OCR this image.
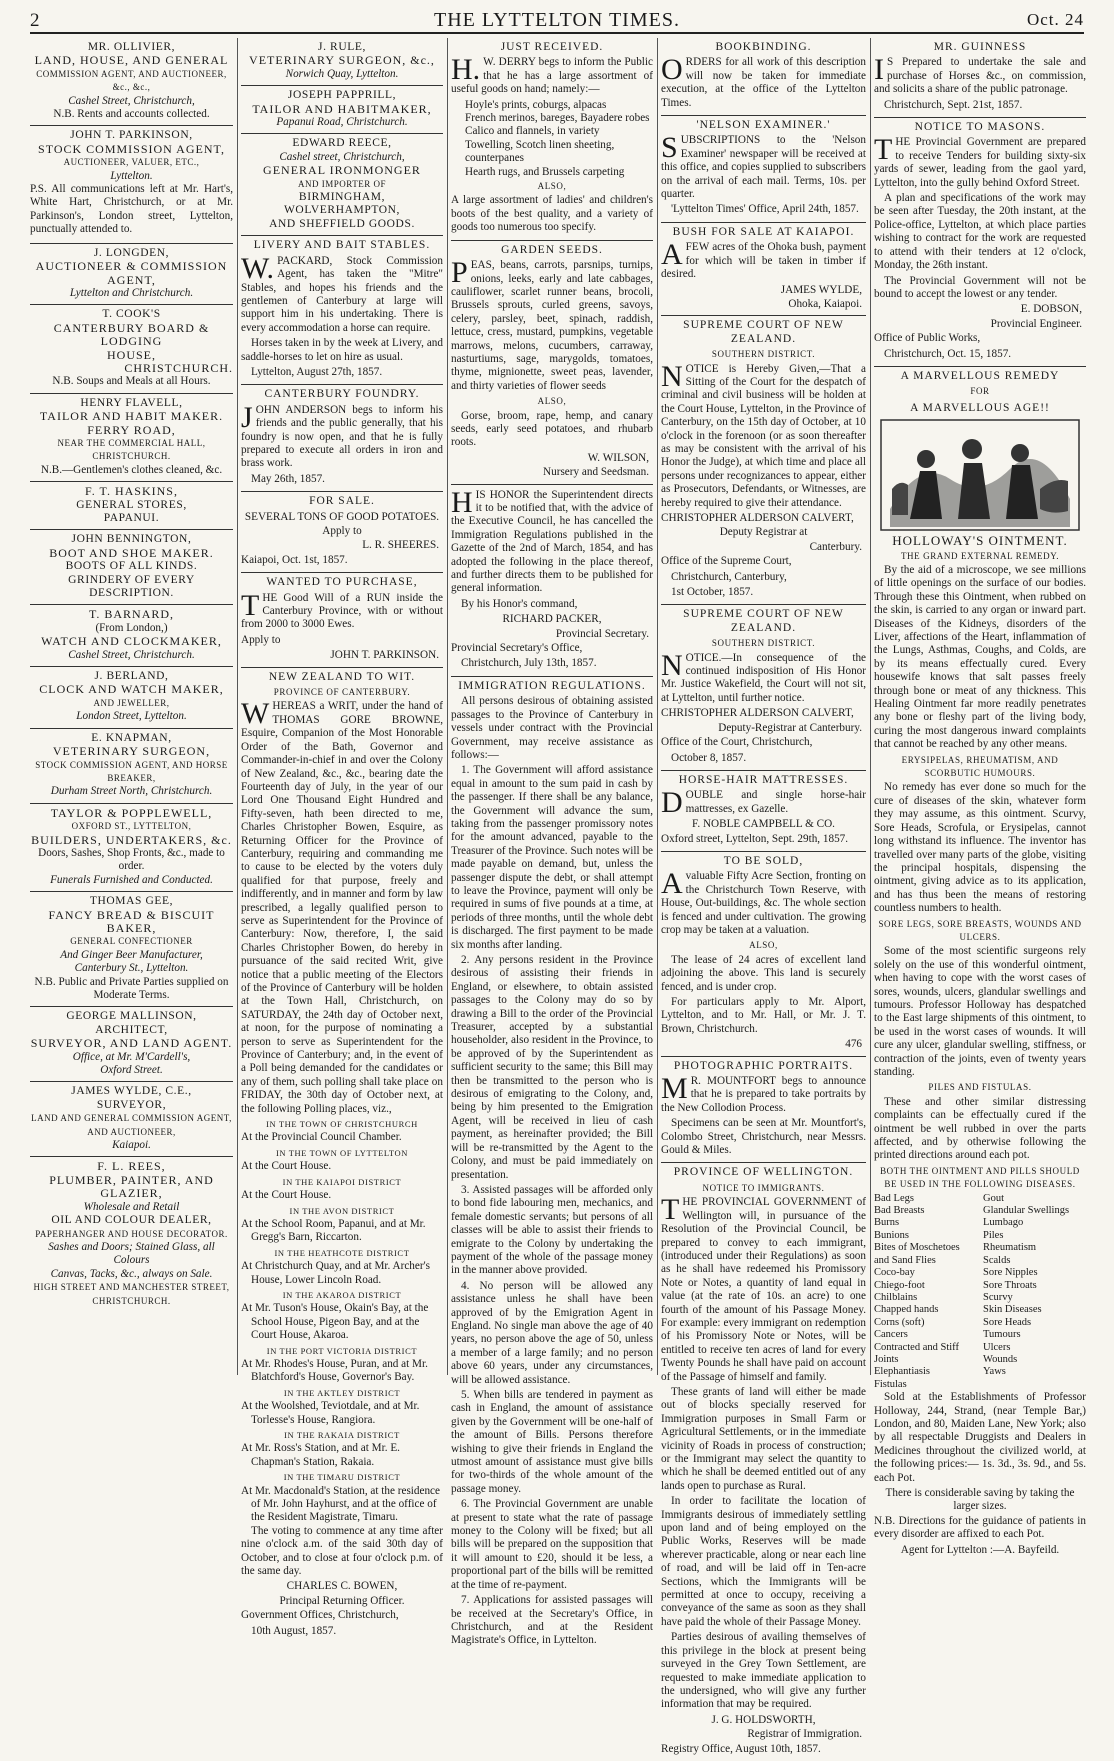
2	THE LYTTELTON TIMES.	Oct. 24
MR. OLLIVIER,
LAND, HOUSE, AND GENERAL
COMMISSION AGENT, AND AUCTIONEER, &c., &c.,
Cashel Street, Christchurch,
N.B. Rents and accounts collected.
JOHN T. PARKINSON,
STOCK COMMISSION AGENT,
AUCTIONEER, VALUER, ETC.,
Lyttelton.
P.S. All communications left at Mr. Hart's, White Hart, Christchurch, or at Mr. Parkinson's, London street, Lyttelton, punctually attended to.
J. LONGDEN,
AUCTIONEER & COMMISSION AGENT,
Lyttelton and Christchurch.
T. COOK'S
CANTERBURY BOARD & LODGING
HOUSE,
CHRISTCHURCH.
N.B. Soups and Meals at all Hours.
HENRY FLAVELL,
TAILOR AND HABIT MAKER.
FERRY ROAD,
NEAR THE COMMERCIAL HALL,
CHRISTCHURCH.
N.B.—Gentlemen's clothes cleaned, &c.
F. T. HASKINS,
GENERAL STORES,
PAPANUI.
JOHN BENNINGTON,
BOOT AND SHOE MAKER.
BOOTS OF ALL KINDS.
GRINDERY OF EVERY DESCRIPTION.
T. BARNARD,
(From London,)
WATCH AND CLOCKMAKER,
Cashel Street, Christchurch.
J. BERLAND,
CLOCK AND WATCH MAKER,
AND JEWELLER,
London Street, Lyttelton.
E. KNAPMAN,
VETERINARY SURGEON,
STOCK COMMISSION AGENT, AND HORSE
BREAKER,
Durham Street North, Christchurch.
TAYLOR & POPPLEWELL,
OXFORD ST., LYTTELTON,
BUILDERS, UNDERTAKERS, &c.
Doors, Sashes, Shop Fronts, &c., made to order.
Funerals Furnished and Conducted.
THOMAS GEE,
FANCY BREAD & BISCUIT BAKER,
GENERAL CONFECTIONER
And Ginger Beer Manufacturer,
Canterbury St., Lyttelton.
N.B. Public and Private Parties supplied on Moderate Terms.
GEORGE MALLINSON,
ARCHITECT,
SURVEYOR, AND LAND AGENT.
Office, at Mr. M'Cardell's,
Oxford Street.
JAMES WYLDE, C.E.,
SURVEYOR,
LAND AND GENERAL COMMISSION AGENT,
AND AUCTIONEER,
Kaiapoi.
F. L. REES,
PLUMBER, PAINTER, AND GLAZIER,
Wholesale and Retail
OIL AND COLOUR DEALER,
PAPERHANGER AND HOUSE DECORATOR.
Sashes and Doors; Stained Glass, all Colours
Canvas, Tacks, &c., always on Sale.
HIGH STREET AND MANCHESTER STREET,
CHRISTCHURCH.
J. RULE,
VETERINARY SURGEON, &c.,
Norwich Quay, Lyttelton.
JOSEPH PAPPRILL,
TAILOR AND HABITMAKER,
Papanui Road, Christchurch.
EDWARD REECE,
Cashel street, Christchurch,
GENERAL IRONMONGER
AND IMPORTER OF
BIRMINGHAM, WOLVERHAMPTON,
AND SHEFFIELD GOODS.
LIVERY AND BAIT STABLES.
W. PACKARD, Stock Commission Agent, has taken the "Mitre" Stables, and hopes his friends and the gentlemen of Canterbury at large will support him in his undertaking. There is every accommodation a horse can require.
Horses taken in by the week at Livery, and saddle-horses to let on hire as usual.
Lyttelton, August 27th, 1857.
CANTERBURY FOUNDRY.
JOHN ANDERSON begs to inform his friends and the public generally, that his foundry is now open, and that he is fully prepared to execute all orders in iron and brass work.
May 26th, 1857.
FOR SALE.
SEVERAL TONS OF GOOD POTATOES.
Apply to
L. R. SHEERES.
Kaiapoi, Oct. 1st, 1857.
WANTED TO PURCHASE,
THE Good Will of a RUN inside the Canterbury Province, with or without from 2000 to 3000 Ewes.
Apply to
JOHN T. PARKINSON.
NEW ZEALAND TO WIT.
PROVINCE OF CANTERBURY.
WHEREAS a WRIT, under the hand of THOMAS GORE BROWNE, Esquire, Companion of the Most Honorable Order of the Bath, Governor and Commander-in-chief in and over the Colony of New Zealand, &c., &c., bearing date the Fourteenth day of July, in the year of our Lord One Thousand Eight Hundred and Fifty-seven, hath been directed to me, Charles Christopher Bowen, Esquire, as Returning Officer for the Province of Canterbury, requiring and commanding me to cause to be elected by the voters duly qualified for that purpose, freely and indifferently, and in manner and form by law prescribed, a legally qualified person to serve as Superintendent for the Province of Canterbury: Now, therefore, I, the said Charles Christopher Bowen, do hereby in pursuance of the said recited Writ, give notice that a public meeting of the Electors of the Province of Canterbury will be holden at the Town Hall, Christchurch, on SATURDAY, the 24th day of October next, at noon, for the purpose of nominating a person to serve as Superintendent for the Province of Canterbury; and, in the event of a Poll being demanded for the candidates or any of them, such polling shall take place on FRIDAY, the 30th day of October next, at the following Polling places, viz.,
IN THE TOWN OF CHRISTCHURCH
At the Provincial Council Chamber.
IN THE TOWN OF LYTTELTON
At the Court House.
IN THE KAIAPOI DISTRICT
At the Court House.
IN THE AVON DISTRICT
At the School Room, Papanui, and at Mr. Gregg's Barn, Riccarton.
IN THE HEATHCOTE DISTRICT
At Christchurch Quay, and at Mr. Archer's House, Lower Lincoln Road.
IN THE AKAROA DISTRICT
At Mr. Tuson's House, Okain's Bay, at the School House, Pigeon Bay, and at the Court House, Akaroa.
IN THE PORT VICTORIA DISTRICT
At Mr. Rhodes's House, Puran, and at Mr. Blatchford's House, Governor's Bay.
IN THE AKTLEY DISTRICT
At the Woolshed, Teviotdale, and at Mr. Torlesse's House, Rangiora.
IN THE RAKAIA DISTRICT
At Mr. Ross's Station, and at Mr. E. Chapman's Station, Rakaia.
IN THE TIMARU DISTRICT
At Mr. Macdonald's Station, at the residence of Mr. John Hayhurst, and at the office of the Resident Magistrate, Timaru.
The voting to commence at any time after nine o'clock a.m. of the said 30th day of October, and to close at four o'clock p.m. of the same day.
CHARLES C. BOWEN,
Principal Returning Officer.
Government Offices, Christchurch,
10th August, 1857.
JUST RECEIVED.
H. W. DERRY begs to inform the Public that he has a large assortment of useful goods on hand; namely:—
Hoyle's prints, coburgs, alpacas
French merinos, bareges, Bayadere robes
Calico and flannels, in variety
Towelling, Scotch linen sheeting, counterpanes
Hearth rugs, and Brussels carpeting
ALSO,
A large assortment of ladies' and children's boots of the best quality, and a variety of goods too numerous too specify.
GARDEN SEEDS.
PEAS, beans, carrots, parsnips, turnips, onions, leeks, early and late cabbages, cauliflower, scarlet runner beans, brocoli, Brussels sprouts, curled greens, savoys, celery, parsley, beet, spinach, raddish, lettuce, cress, mustard, pumpkins, vegetable marrows, melons, cucumbers, carraway, nasturtiums, sage, marygolds, tomatoes, thyme, mignionette, sweet peas, lavender, and thirty varieties of flower seeds
ALSO,
Gorse, broom, rape, hemp, and canary seeds, early seed potatoes, and rhubarb roots.
W. WILSON,
Nursery and Seedsman.
HIS HONOR the Superintendent directs it to be notified that, with the advice of the Executive Council, he has cancelled the Immigration Regulations published in the Gazette of the 2nd of March, 1854, and has adopted the following in the place thereof, and further directs them to be published for general information.
By his Honor's command,
RICHARD PACKER,
Provincial Secretary.
Provincial Secretary's Office,
Christchurch, July 13th, 1857.
IMMIGRATION REGULATIONS.
All persons desirous of obtaining assisted passages to the Province of Canterbury in vessels under contract with the Provincial Government, may receive assistance as follows:—
1. The Government will afford assistance equal in amount to the sum paid in cash by the passenger. If there shall be any balance, the Government will advance the sum, taking from the passenger promissory notes for the amount advanced, payable to the Treasurer of the Province. Such notes will be made payable on demand, but, unless the passenger dispute the debt, or shall attempt to leave the Province, payment will only be required in sums of five pounds at a time, at periods of three months, until the whole debt is discharged. The first payment to be made six months after landing.
2. Any persons resident in the Province desirous of assisting their friends in England, or elsewhere, to obtain assisted passages to the Colony may do so by drawing a Bill to the order of the Provincial Treasurer, accepted by a substantial householder, also resident in the Province, to be approved of by the Superintendent as sufficient security to the same; this Bill may then be transmitted to the person who is desirous of emigrating to the Colony, and, being by him presented to the Emigration Agent, will be received in lieu of cash payment, as hereinafter provided; the Bill will be re-transmitted by the Agent to the Colony, and must be paid immediately on presentation.
3. Assisted passages will be afforded only to bond fide labouring men, mechanics, and female domestic servants; but persons of all classes will be able to assist their friends to emigrate to the Colony by undertaking the payment of the whole of the passage money in the manner above provided.
4. No person will be allowed any assistance unless he shall have been approved of by the Emigration Agent in England. No single man above the age of 40 years, no person above the age of 50, unless a member of a large family; and no person above 60 years, under any circumstances, will be allowed assistance.
5. When bills are tendered in payment as cash in England, the amount of assistance given by the Government will be one-half of the amount of Bills. Persons therefore wishing to give their friends in England the utmost amount of assistance must give bills for two-thirds of the whole amount of the passage money.
6. The Provincial Government are unable at present to state what the rate of passage money to the Colony will be fixed; but all bills will be prepared on the supposition that it will amount to £20, should it be less, a proportional part of the bills will be remitted at the time of re-payment.
7. Applications for assisted passages will be received at the Secretary's Office, in Christchurch, and at the Resident Magistrate's Office, in Lyttelton.
BOOKBINDING.
ORDERS for all work of this description will now be taken for immediate execution, at the office of the Lyttelton Times.
'NELSON EXAMINER.'
SUBSCRIPTIONS to the 'Nelson Examiner' newspaper will be received at this office, and copies supplied to subscribers on the arrival of each mail. Terms, 10s. per quarter.
'Lyttelton Times' Office, April 24th, 1857.
BUSH FOR SALE AT KAIAPOI.
AFEW acres of the Ohoka bush, payment for which will be taken in timber if desired.
JAMES WYLDE,
Ohoka, Kaiapoi.
SUPREME COURT OF NEW ZEALAND.
SOUTHERN DISTRICT.
NOTICE is Hereby Given,—That a Sitting of the Court for the despatch of criminal and civil business will be holden at the Court House, Lyttelton, in the Province of Canterbury, on the 15th day of October, at 10 o'clock in the forenoon (or as soon thereafter as may be consistent with the arrival of his Honor the Judge), at which time and place all persons under recognizances to appear, either as Prosecutors, Defendants, or Witnesses, are hereby required to give their attendance.
CHRISTOPHER ALDERSON CALVERT,
Deputy Registrar at
Canterbury.
Office of the Supreme Court,
Christchurch, Canterbury,
1st October, 1857.
SUPREME COURT OF NEW ZEALAND.
SOUTHERN DISTRICT.
NOTICE.—In consequence of the continued indisposition of His Honor Mr. Justice Wakefield, the Court will not sit, at Lyttelton, until further notice.
CHRISTOPHER ALDERSON CALVERT,
Deputy-Registrar at Canterbury.
Office of the Court, Christchurch,
October 8, 1857.
HORSE-HAIR MATTRESSES.
DOUBLE and single horse-hair mattresses, ex Gazelle.
F. NOBLE CAMPBELL & CO.
Oxford street, Lyttelton, Sept. 29th, 1857.
TO BE SOLD,
Avaluable Fifty Acre Section, fronting on the Christchurch Town Reserve, with House, Out-buildings, &c. The whole section is fenced and under cultivation. The growing crop may be taken at a valuation.
ALSO,
The lease of 24 acres of excellent land adjoining the above. This land is securely fenced, and is under crop.
For particulars apply to Mr. Alport, Lyttelton, and to Mr. Hall, or Mr. J. T. Brown, Christchurch.
476
PHOTOGRAPHIC PORTRAITS.
M R. MOUNTFORT begs to announce that he is prepared to take portraits by the New Collodion Process.
Specimens can be seen at Mr. Mountfort's, Colombo Street, Christchurch, near Messrs. Gould & Miles.
PROVINCE OF WELLINGTON.
NOTICE TO IMMIGRANTS.
THE PROVINCIAL GOVERNMENT of Wellington will, in pursuance of the Resolution of the Provincial Council, be prepared to convey to each immigrant, (introduced under their Regulations) as soon as he shall have redeemed his Promissory Note or Notes, a quantity of land equal in value (at the rate of 10s. an acre) to one fourth of the amount of his Passage Money. For example: every immigrant on redemption of his Promissory Note or Notes, will be entitled to receive ten acres of land for every Twenty Pounds he shall have paid on account of the Passage of himself and family.
These grants of land will either be made out of blocks specially reserved for Immigration purposes in Small Farm or Agricultural Settlements, or in the immediate vicinity of Roads in process of construction; or the Immigrant may select the quantity to which he shall be deemed entitled out of any lands open to purchase as Rural.
In order to facilitate the location of Immigrants desirous of immediately settling upon land and of being employed on the Public Works, Reserves will be made wherever practicable, along or near each line of road, and will be laid off in Ten-acre Sections, which the Immigrants will be permitted at once to occupy, receiving a conveyance of the same as soon as they shall have paid the whole of their Passage Money.
Parties desirous of availing themselves of this privilege in the block at present being surveyed in the Grey Town Settlement, are requested to make immediate application to the undersigned, who will give any further information that may be required.
J. G. HOLDSWORTH,
Registrar of Immigration.
Registry Office, August 10th, 1857.
MR. GUINNESS
I S Prepared to undertake the sale and purchase of Horses &c., on commission, and solicits a share of the public patronage.
Christchurch, Sept. 21st, 1857.
NOTICE TO MASONS.
THE Provincial Government are prepared to receive Tenders for building sixty-six yards of sewer, leading from the gaol yard, Lyttelton, into the gully behind Oxford Street.
A plan and specifications of the work may be seen after Tuesday, the 20th instant, at the Police-office, Lyttelton, at which place parties wishing to contract for the work are requested to attend with their tenders at 12 o'clock, Monday, the 26th instant.
The Provincial Government will not be bound to accept the lowest or any tender.
E. DOBSON,
Provincial Engineer.
Office of Public Works,
Christchurch, Oct. 15, 1857.
A MARVELLOUS REMEDY
FOR
A MARVELLOUS AGE!!
HOLLOWAY'S OINTMENT.
THE GRAND EXTERNAL REMEDY.
By the aid of a microscope, we see millions of little openings on the surface of our bodies. Through these this Ointment, when rubbed on the skin, is carried to any organ or inward part. Diseases of the Kidneys, disorders of the Liver, affections of the Heart, inflammation of the Lungs, Asthmas, Coughs, and Colds, are by its means effectually cured. Every housewife knows that salt passes freely through bone or meat of any thickness. This Healing Ointment far more readily penetrates any bone or fleshy part of the living body, curing the most dangerous inward complaints that cannot be reached by any other means.
ERYSIPELAS, RHEUMATISM, AND SCORBUTIC HUMOURS.
No remedy has ever done so much for the cure of diseases of the skin, whatever form they may assume, as this ointment. Scurvy, Sore Heads, Scrofula, or Erysipelas, cannot long withstand its influence. The inventor has travelled over many parts of the globe, visiting the principal hospitals, dispensing the ointment, giving advice as to its application, and has thus been the means of restoring countless numbers to health.
SORE LEGS, SORE BREASTS, WOUNDS AND ULCERS.
Some of the most scientific surgeons rely solely on the use of this wonderful ointment, when having to cope with the worst cases of sores, wounds, ulcers, glandular swellings and tumours. Professor Holloway has despatched to the East large shipments of this ointment, to be used in the worst cases of wounds. It will cure any ulcer, glandular swelling, stiffness, or contraction of the joints, even of twenty years standing.
PILES AND FISTULAS.
These and other similar distressing complaints can be effectually cured if the ointment be well rubbed in over the parts affected, and by otherwise following the printed directions around each pot.
BOTH THE OINTMENT AND PILLS SHOULD BE USED IN THE FOLLOWING DISEASES.
Bad Legs	Gout
Bad Breasts	Glandular Swellings
Burns	Lumbago
Bunions	Piles
Bites of Moschetoes	Rheumatism
and Sand Flies	Scalds
Coco-bay	Sore Nipples
Chiego-foot	Sore Throats
Chilblains	Scurvy
Chapped hands	Skin Diseases
Corns (soft)	Sore Heads
Cancers	Tumours
Contracted and Stiff	Ulcers
Joints	Wounds
Elephantiasis	Yaws
Fistulas
Sold at the Establishments of Professor Holloway, 244, Strand, (near Temple Bar,) London, and 80, Maiden Lane, New York; also by all respectable Druggists and Dealers in Medicines throughout the civilized world, at the following prices:— 1s. 3d., 3s. 9d., and 5s. each Pot.
There is considerable saving by taking the larger sizes.
N.B. Directions for the guidance of patients in every disorder are affixed to each Pot.
Agent for Lyttelton :—A. Bayfeild.
